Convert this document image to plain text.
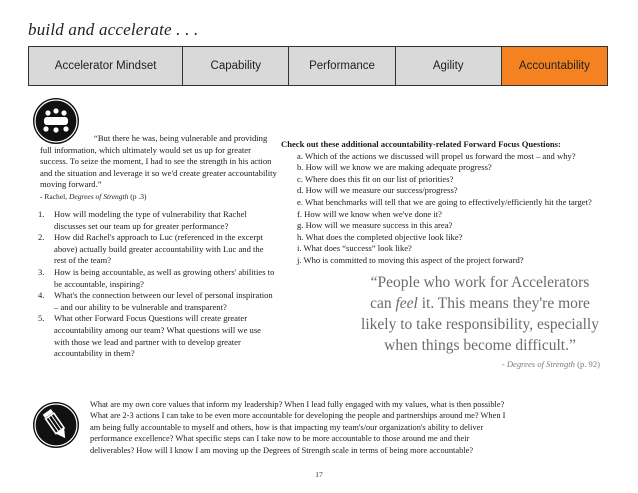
build and accelerate . . .
Accelerator Mindset	Capability	Performance	Agility	Accountability
“But there he was, being vulnerable and providing full information, which ultimately would set us up for greater success. To seize the moment, I had to see the strength in his action and the situation and leverage it so we'd create greater accountability moving forward.”
- Rachel, Degrees of Strength (p .3)
1.	How will modeling the type of vulnerability that Rachel discusses set our team up for greater performance?
2.	How did Rachel's approach to Luc (referenced in the excerpt above) actually build greater accountability with Luc and the rest of the team?
3.	How is being accountable, as well as growing others' abilities to be accountable, inspiring?
4.	What's the connection between our level of personal inspiration – and our ability to be vulnerable and transparent?
5.	What other Forward Focus Questions will create greater accountability among our team? What questions will we use with those we lead and partner with to develop greater accountability in them?
Check out these additional accountability-related Forward Focus Questions:
a. Which of the actions we discussed will propel us forward the most – and why?
b. How will we know we are making adequate progress?
c. Where does this fit on our list of priorities?
d. How will we measure our success/progress?
e. What benchmarks will tell that we are going to effectively/efficiently hit the target?
f. How will we know when we've done it?
g. How will we measure success in this area?
h. What does the completed objective look like?
i. What does “success” look like?
j. Who is committed to moving this aspect of the project forward?
“People who work for Accelerators can feel it. This means they're more likely to take responsibility, especially when things become difficult.”
- Degrees of Strength (p. 92)
What are my own core values that inform my leadership? When I lead fully engaged with my values, what is then possible? What are 2-3 actions I can take to be even more accountable for developing the people and partnerships around me? When I am being fully accountable to myself and others, how is that impacting my team's/our organization's ability to deliver performance excellence? What specific steps can I take now to be more accountable to those around me and their deliverables? How will I know I am moving up the Degrees of Strength scale in terms of being more accountable?
17
